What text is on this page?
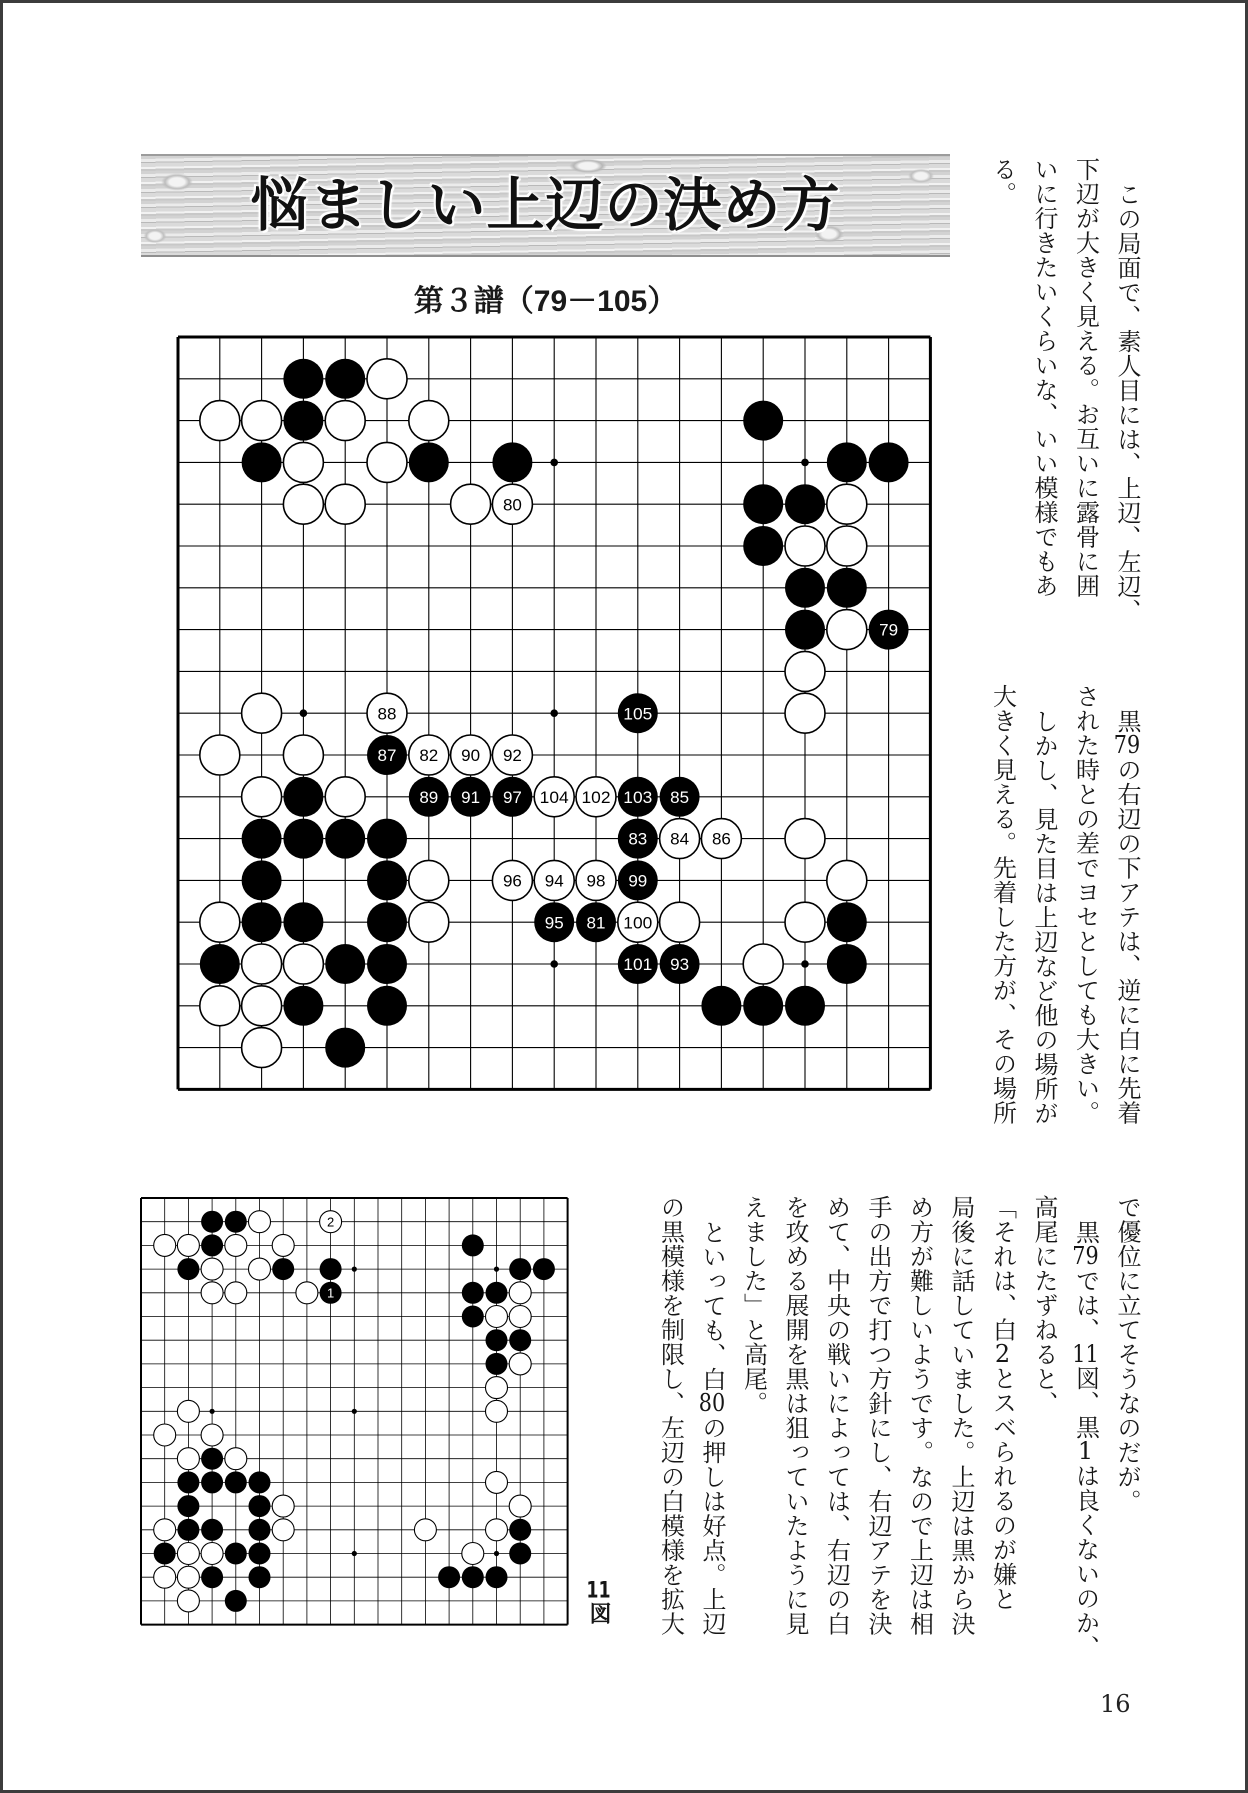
悩ましい上辺の決め方
第３譜（79－105）
80
79
88	105
87 82 90 92
89 91 97 104 102 103 85
83 84 86
96 94 98 99
95 81 100
101 93
2
1
11図
この局面で、素人目には、上辺、左辺、
下辺が大きく見える。お互いに露骨に囲
いに行きたいくらいな、いい模様でもあ
る。
黒79の右辺の下アテは、逆に白に先着
された時との差でヨセとしても大きい。
しかし、見た目は上辺など他の場所が
大きく見える。先着した方が、その場所
で優位に立てそうなのだが。
黒79では、11図、黒1は良くないのか、
高尾にたずねると、
「それは、白2とスベられるのが嫌と
局後に話していました。上辺は黒から決
め方が難しいようです。なので上辺は相
手の出方で打つ方針にし、右辺アテを決
めて、中央の戦いによっては、右辺の白
を攻める展開を黒は狙っていたように見
えました」と高尾。
といっても、白80の押しは好点。上辺
の黒模様を制限し、左辺の白模様を拡大
16
